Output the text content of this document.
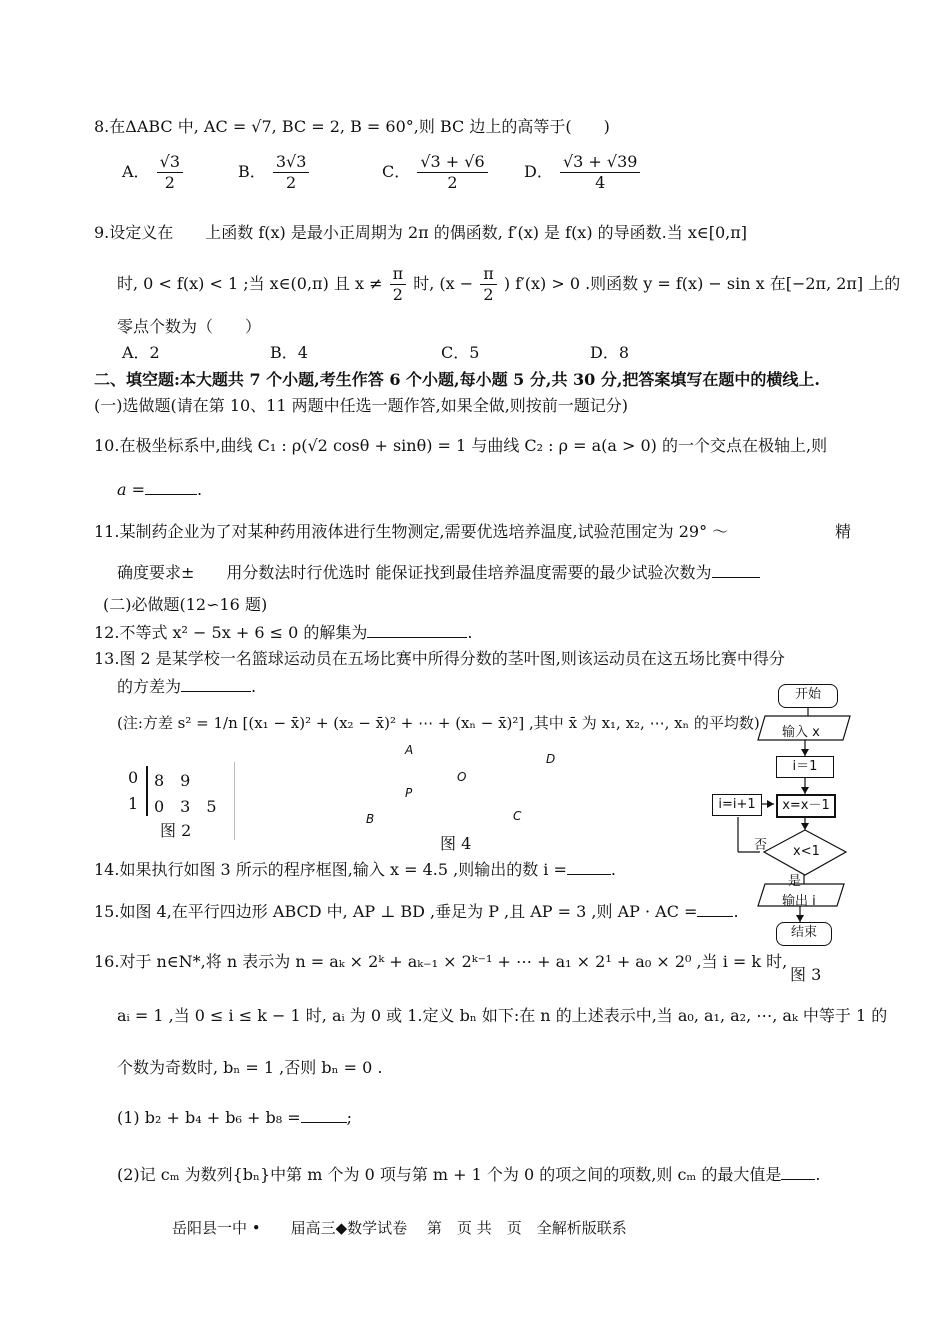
8.在ΔABC 中, AC = √7, BC = 2, B = 60°,则 BC 边上的高等于(　　)
A． $\frac{√3}{2}$	B． $\frac{3√3}{2}$	C． $\frac{√3 + √6}{2}$ D． $\frac{√3 + √39}{4}$
9.设定义在　　上函数 f(x) 是最小正周期为 2π 的偶函数, f′(x) 是 f(x) 的导函数.当 x∈[0,π]
时, 0 < f(x) < 1 ;当 x∈(0,π) 且 $x \ne \frac{\pi}{2}$ 时, ($x - \frac{\pi}{2}$ ) f′(x) > 0 .则函数 y = f(x) − sin x 在[−2π, 2π] 上的
零点个数为（　　）
A．2	B．4	C．5	D．8
二、填空题:本大题共 7 个小题,考生作答 6 个小题,每小题 5 分,共 30 分,把答案填写在题中的横线上.
(一)选做题(请在第 10、11 两题中任选一题作答,如果全做,则按前一题记分)
10.在极坐标系中,曲线 C₁ : ρ(√2 cosθ + sinθ) = 1 与曲线 C₂ : ρ = a(a > 0) 的一个交点在极轴上,则
a =	.
11.某制药企业为了对某种药用液体进行生物测定,需要优选培养温度,试验范围定为 29° ～	精
确度要求±　　用分数法时行优选时 能保证找到最佳培养温度需要的最少试验次数为
(二)必做题(12∽16 题)
12.不等式 x² − 5x + 6 ≤ 0 的解集为	.
13.图 2 是某学校一名篮球运动员在五场比赛中所得分数的茎叶图,则该运动员在这五场比赛中得分
的方差为	.
(注:方差 s² = 1/n [(x₁ − x̄)² + (x₂ − x̄)² + ⋯ + (xₙ − x̄)²] ,其中 x̄ 为 x₁, x₂, ⋯, xₙ 的平均数)
0 8　9
1 0　3　5
图 2
A
D
O
P
B	C
图 4
开始
输入 x
i＝1
i=i+1	x=x－1
x<1
否
是
输出 i
结束
图 3
14.如果执行如图 3 所示的程序框图,输入 x = 4.5 ,则输出的数 i =	.
15.如图 4,在平行四边形 ABCD 中, AP ⊥ BD ,垂足为 P ,且 AP = 3 ,则 AP · AC = .
16.对于 n∈N*,将 n 表示为 n = aₖ × 2ᵏ + aₖ₋₁ × 2ᵏ⁻¹ + ⋯ + a₁ × 2¹ + a₀ × 2⁰ ,当 i = k 时,
aᵢ = 1 ,当 0 ≤ i ≤ k − 1 时, aᵢ 为 0 或 1.定义 bₙ 如下:在 n 的上述表示中,当 a₀, a₁, a₂, ⋯, aₖ 中等于 1 的
个数为奇数时, bₙ = 1 ,否则 bₙ = 0 .
(1) b₂ + b₄ + b₆ + b₈ =	;
(2)记 cₘ 为数列{bₙ}中第 m 个为 0 项与第 m + 1 个为 0 的项之间的项数,则 cₘ 的最大值是 .
岳阳县一中 •　　届高三◆数学试卷　 第　页 共　页　全解析版联系
